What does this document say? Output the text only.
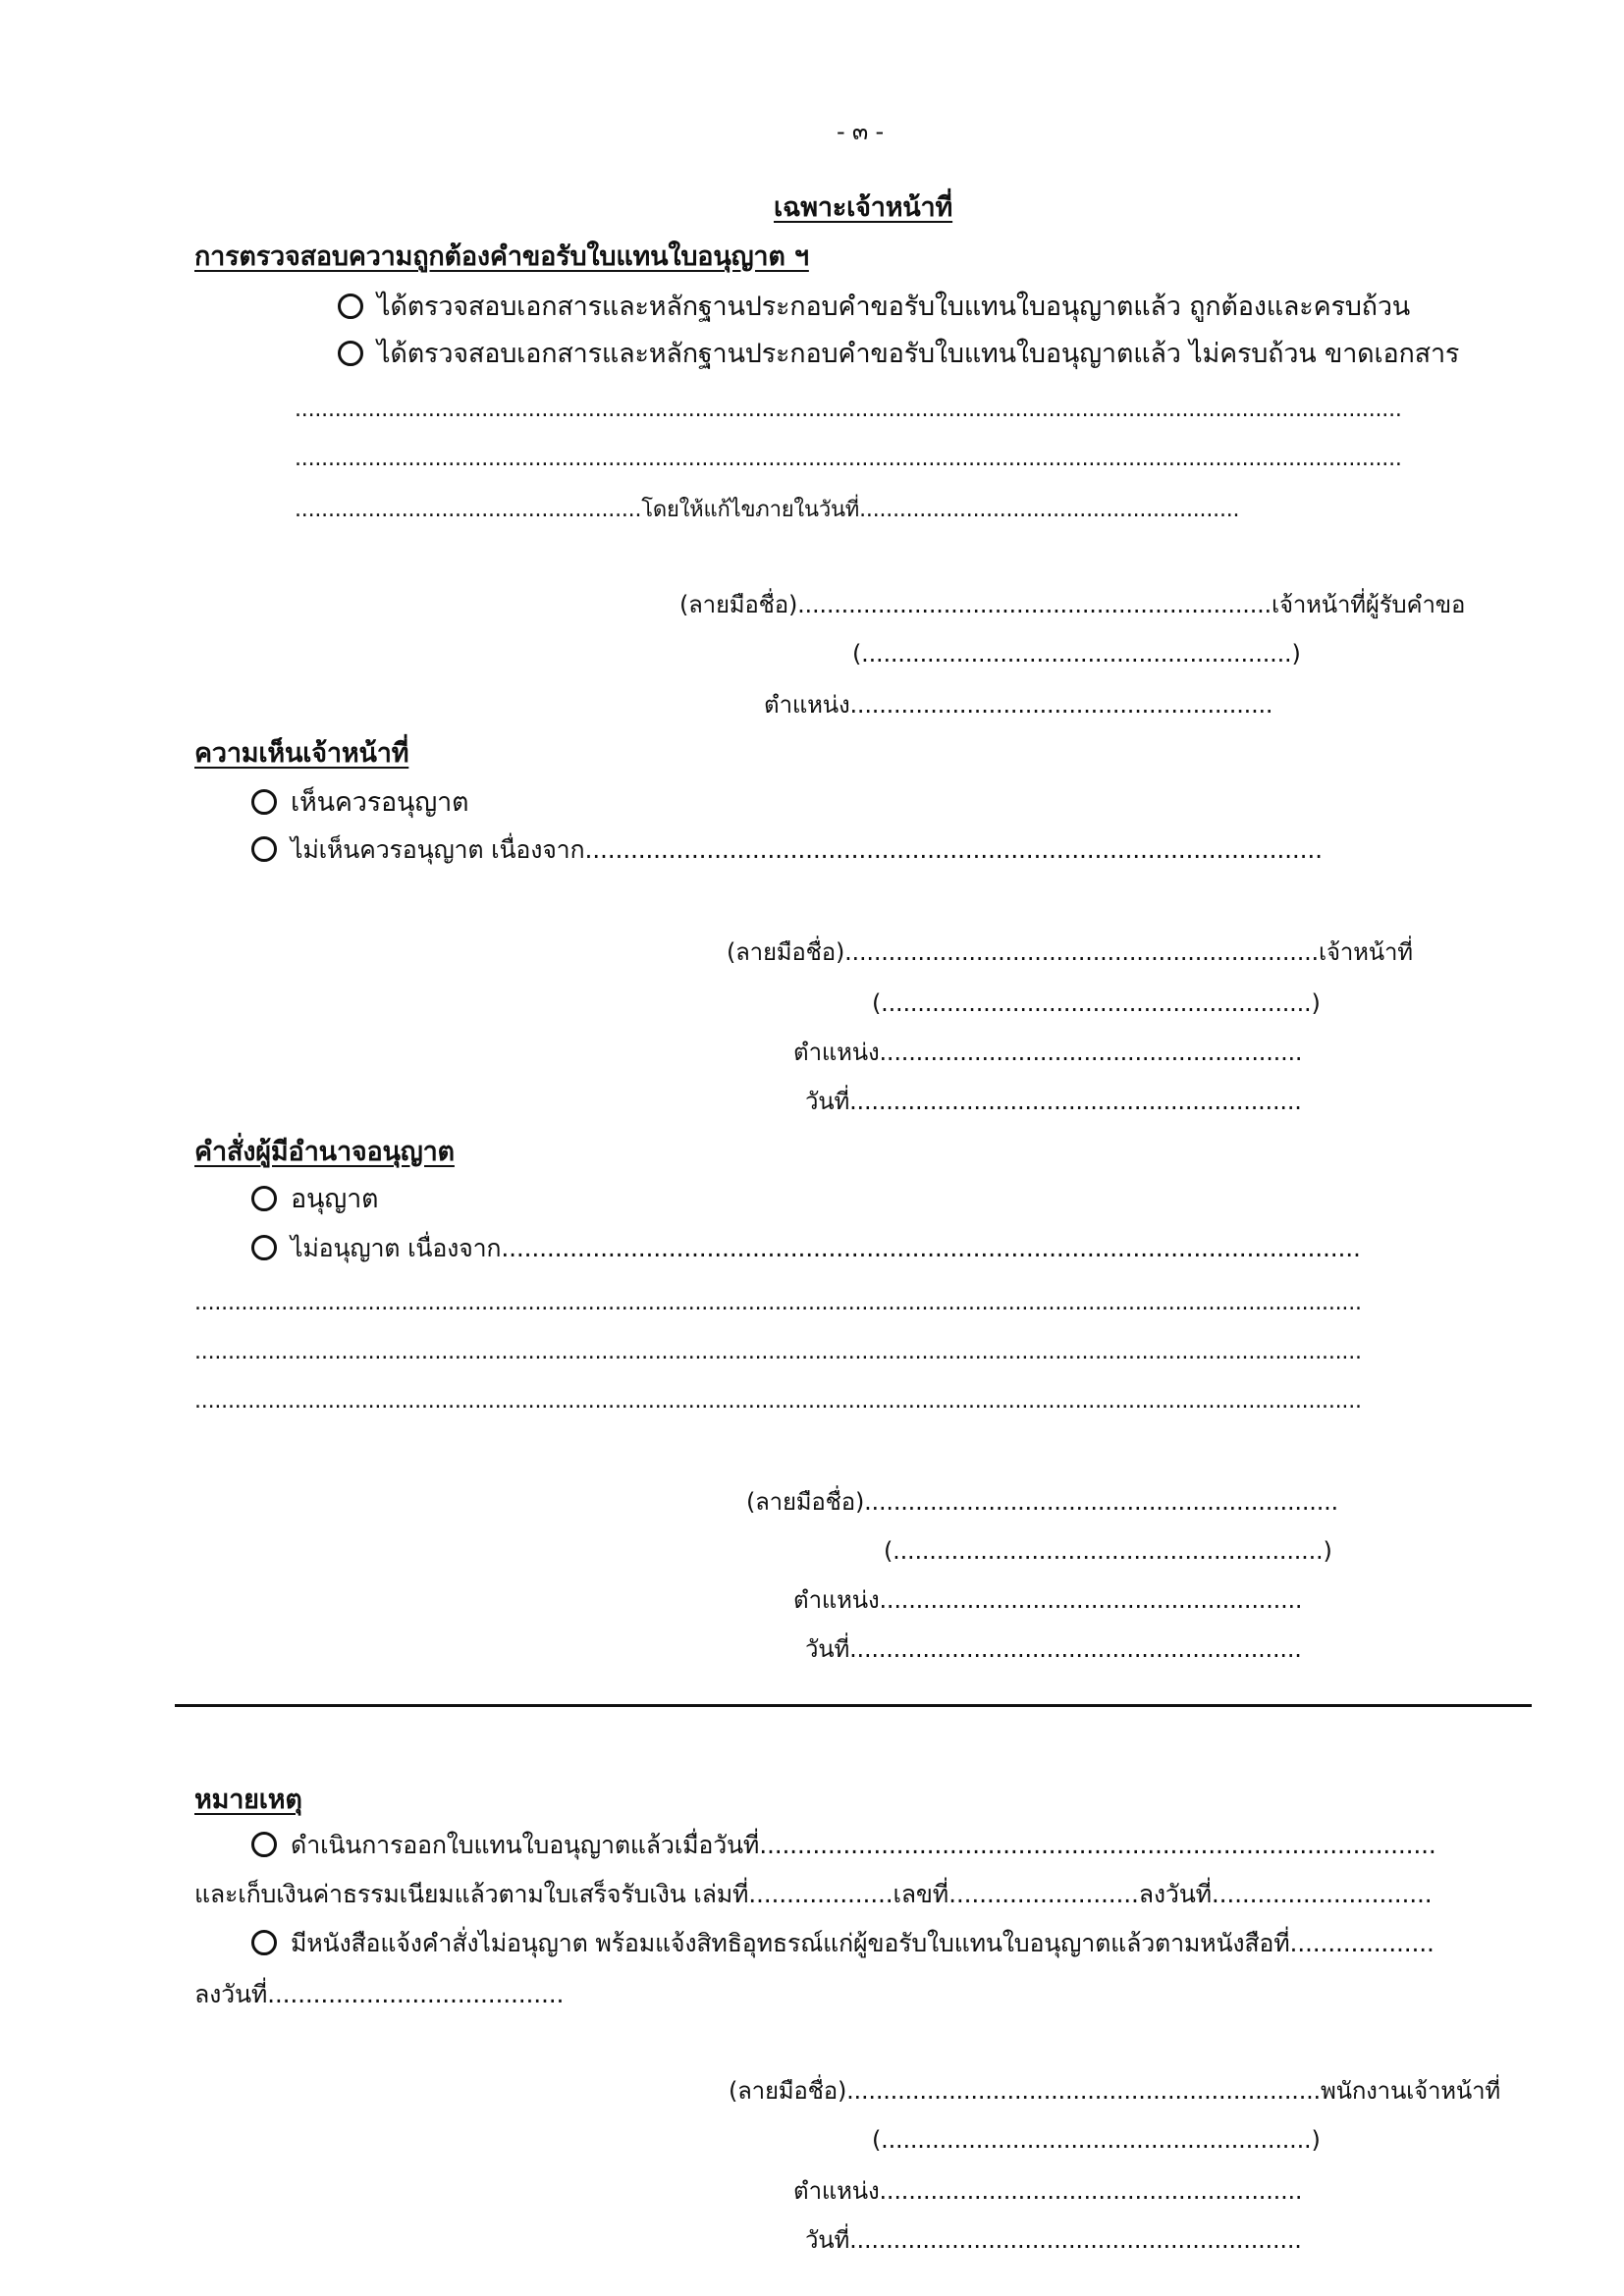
- ๓ -
เฉพาะเจ้าหน้าที่
การตรวจสอบความถูกต้องคำขอรับใบแทนใบอนุญาต ฯ
ได้ตรวจสอบเอกสารและหลักฐานประกอบคำขอรับใบแทนใบอนุญาตแล้ว ถูกต้องและครบถ้วน
ได้ตรวจสอบเอกสารและหลักฐานประกอบคำขอรับใบแทนใบอนุญาตแล้ว ไม่ครบถ้วน ขาดเอกสาร
......................................................................................................................................................................
......................................................................................................................................................................
....................................................โดยให้แก้ไขภายในวันที่.........................................................
(ลายมือชื่อ).................................................................เจ้าหน้าที่ผู้รับคำขอ
(...........................................................)
ตำแหน่ง..........................................................
ความเห็นเจ้าหน้าที่
เห็นควรอนุญาต
ไม่เห็นควรอนุญาต เนื่องจาก.................................................................................................
(ลายมือชื่อ).................................................................เจ้าหน้าที่
(...........................................................)
ตำแหน่ง..........................................................
วันที่..............................................................
คำสั่งผู้มีอำนาจอนุญาต
อนุญาต
ไม่อนุญาต เนื่องจาก.................................................................................................................
...............................................................................................................................................................................
...............................................................................................................................................................................
...............................................................................................................................................................................
(ลายมือชื่อ).................................................................
(...........................................................)
ตำแหน่ง..........................................................
วันที่..............................................................
หมายเหตุ
ดำเนินการออกใบแทนใบอนุญาตแล้วเมื่อวันที่.........................................................................................
และเก็บเงินค่าธรรมเนียมแล้วตามใบเสร็จรับเงิน เล่มที่...................เลขที่.........................ลงวันที่.............................
มีหนังสือแจ้งคำสั่งไม่อนุญาต พร้อมแจ้งสิทธิอุทธรณ์แก่ผู้ขอรับใบแทนใบอนุญาตแล้วตามหนังสือที่...................
ลงวันที่.......................................
(ลายมือชื่อ).................................................................พนักงานเจ้าหน้าที่
(...........................................................)
ตำแหน่ง..........................................................
วันที่..............................................................
